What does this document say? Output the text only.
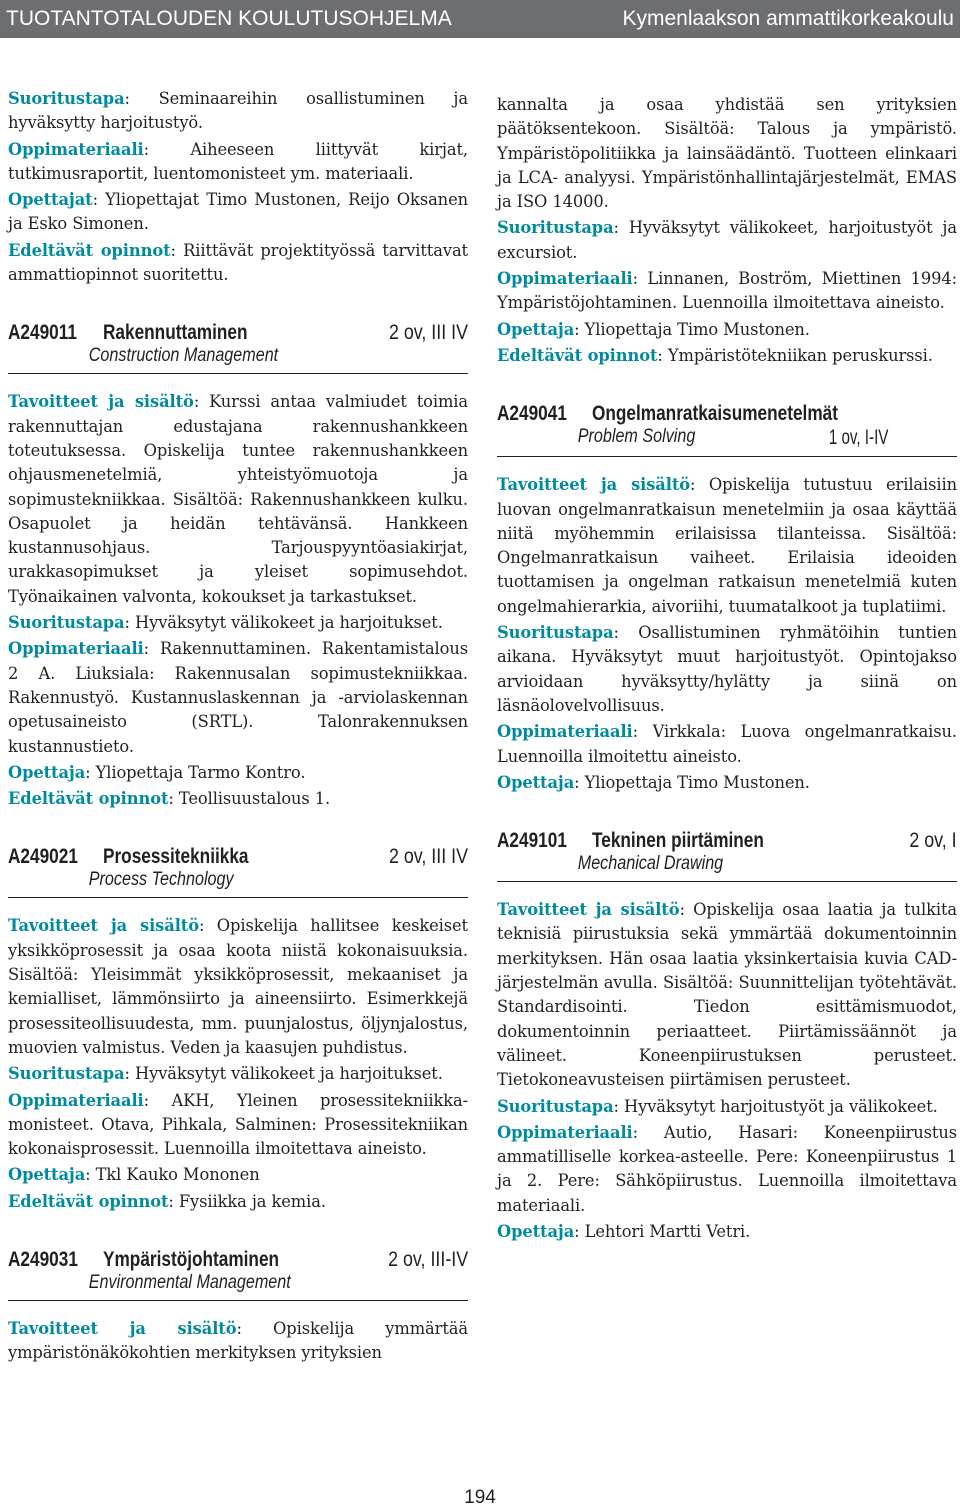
TUOTANTOTALOUDEN KOULUTUSOHJELMA	Kymenlaakson ammattikorkeakoulu

Suoritustapa: Seminaareihin osallistuminen ja hyväksytty harjoitustyö.

Oppimateriaali: Aiheeseen liittyvät kirjat, tutkimusraportit, luentomonisteet ym. materiaali.

Opettajat: Yliopettajat Timo Mustonen, Reijo Oksanen ja Esko Simonen.

Edeltävät opinnot: Riittävät projektityössä tarvittavat ammattiopinnot suoritettu.

A249011 Rakennuttaminen	2 ov, III IV
Construction Management

Tavoitteet ja sisältö: Kurssi antaa valmiudet toimia rakennuttajan edustajana rakennushankkeen toteutuksessa. Opiskelija tuntee rakennushankkeen ohjausmenetelmiä, yhteistyömuotoja ja sopimustekniikkaa. Sisältöä: Rakennushankkeen kulku. Osapuolet ja heidän tehtävänsä. Hankkeen kustannusohjaus. Tarjouspyyntöasiakirjat, urakkasopimukset ja yleiset sopimusehdot. Työnaikainen valvonta, kokoukset ja tarkastukset.

Suoritustapa: Hyväksytyt välikokeet ja harjoitukset.

Oppimateriaali: Rakennuttaminen. Rakentamistalous 2 A. Liuksiala: Rakennusalan sopimustekniikkaa. Rakennustyö. Kustannuslaskennan ja -arviolaskennan opetusaineisto (SRTL). Talonrakennuksen kustannustieto.

Opettaja: Yliopettaja Tarmo Kontro.

Edeltävät opinnot: Teollisuustalous 1.

A249021 Prosessitekniikka	2 ov, III IV
Process Technology

Tavoitteet ja sisältö: Opiskelija hallitsee keskeiset yksikköprosessit ja osaa koota niistä kokonaisuuksia. Sisältöä: Yleisimmät yksikköprosessit, mekaaniset ja kemialliset, lämmönsiirto ja aineensiirto. Esimerkkejä prosessiteollisuudesta, mm. puunjalostus, öljynjalostus, muovien valmistus. Veden ja kaasujen puhdistus.

Suoritustapa: Hyväksytyt välikokeet ja harjoitukset.

Oppimateriaali: AKH, Yleinen prosessitekniikka- monisteet. Otava, Pihkala, Salminen: Prosessitekniikan kokonaisprosessit. Luennoilla ilmoitettava aineisto.

Opettaja: Tkl Kauko Mononen

Edeltävät opinnot: Fysiikka ja kemia.

A249031 Ympäristöjohtaminen	2 ov, III-IV
Environmental Management

Tavoitteet ja sisältö: Opiskelija ymmärtää ympäristönäkökohtien merkityksen yrityksien

kannalta ja osaa yhdistää sen yrityksien päätöksentekoon. Sisältöä: Talous ja ympäristö. Ympäristöpolitiikka ja lainsäädäntö. Tuotteen elinkaari ja LCA- analyysi. Ympäristönhallintajärjestelmät, EMAS ja ISO 14000.

Suoritustapa: Hyväksytyt välikokeet, harjoitustyöt ja excursiot.

Oppimateriaali: Linnanen, Boström, Miettinen 1994: Ympäristöjohtaminen. Luennoilla ilmoitettava aineisto.

Opettaja: Yliopettaja Timo Mustonen.

Edeltävät opinnot: Ympäristötekniikan peruskurssi.

A249041 Ongelmanratkaisumenetelmät
Problem Solving	1 ov, I-IV

Tavoitteet ja sisältö: Opiskelija tutustuu erilaisiin luovan ongelmanratkaisun menetelmiin ja osaa käyttää niitä myöhemmin erilaisissa tilanteissa. Sisältöä: Ongelmanratkaisun vaiheet. Erilaisia ideoiden tuottamisen ja ongelman ratkaisun menetelmiä kuten ongelmahierarkia, aivoriihi, tuumatalkoot ja tuplatiimi.

Suoritustapa: Osallistuminen ryhmätöihin tuntien aikana. Hyväksytyt muut harjoitustyöt. Opintojakso arvioidaan hyväksytty/hylätty ja siinä on läsnäolovelvollisuus.

Oppimateriaali: Virkkala: Luova ongelmanratkaisu. Luennoilla ilmoitettu aineisto.

Opettaja: Yliopettaja Timo Mustonen.

A249101 Tekninen piirtäminen	2 ov, I
Mechanical Drawing

Tavoitteet ja sisältö: Opiskelija osaa laatia ja tulkita teknisiä piirustuksia sekä ymmärtää dokumentoinnin merkityksen. Hän osaa laatia yksinkertaisia kuvia CAD- järjestelmän avulla. Sisältöä: Suunnittelijan työtehtävät. Standardisointi. Tiedon esittämismuodot, dokumentoinnin periaatteet. Piirtämissäännöt ja välineet. Koneenpiirustuksen perusteet. Tietokoneavusteisen piirtämisen perusteet.

Suoritustapa: Hyväksytyt harjoitustyöt ja välikokeet.

Oppimateriaali: Autio, Hasari: Koneenpiirustus ammatilliselle korkea-asteelle. Pere: Koneenpiirustus 1 ja 2. Pere: Sähköpiirustus. Luennoilla ilmoitettava materiaali.

Opettaja: Lehtori Martti Vetri.

194
